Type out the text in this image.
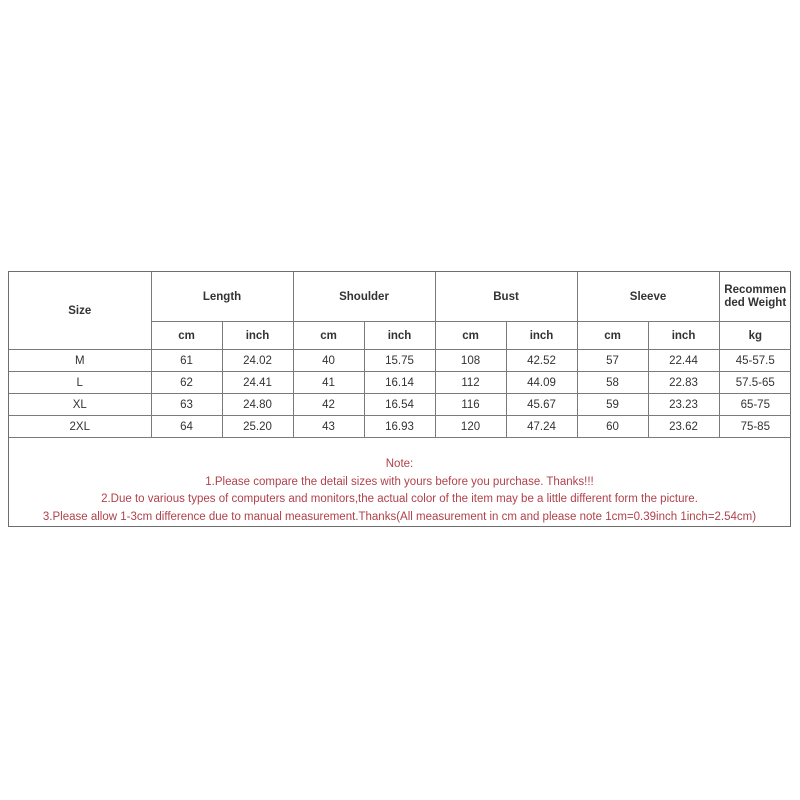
Size	Length		Shoulder		Bust		Sleeve		Recommended Weight
	cm	inch	cm	inch	cm	inch	cm	inch	kg
M	61	24.02	40	15.75	108	42.52	57	22.44	45-57.5
L	62	24.41	41	16.14	112	44.09	58	22.83	57.5-65
XL	63	24.80	42	16.54	116	45.67	59	23.23	65-75
2XL	64	25.20	43	16.93	120	47.24	60	23.62	75-85
Note:
1.Please compare the detail sizes with yours before you purchase. Thanks!!!
2.Due to various types of computers and monitors,the actual color of the item may be a little different form the picture.
3.Please allow 1-3cm difference due to manual measurement.Thanks(All measurement in cm and please note 1cm=0.39inch 1inch=2.54cm)
